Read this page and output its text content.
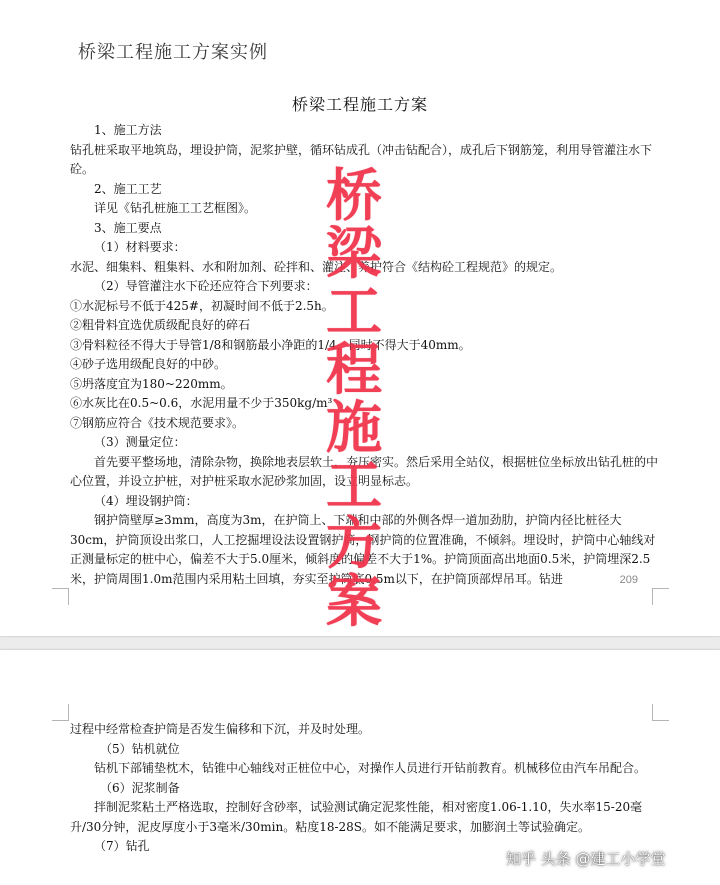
桥梁工程施工方案实例
桥梁工程施工方案

1、施工方法

钻孔桩采取平地筑岛，埋设护筒，泥浆护壁，循环钻成孔（冲击钻配合），成孔后下钢筋笼，利用导管灌注水下砼。

2、施工工艺

详见《钻孔桩施工工艺框图》。

3、施工要点

（1）材料要求：

水泥、细集料、粗集料、水和附加剂、砼拌和、灌注、养护符合《结构砼工程规范》的规定。

（2）导管灌注水下砼还应符合下列要求：

①水泥标号不低于425#，初凝时间不低于2.5h。

②粗骨料宜选优质级配良好的碎石

③骨料粒径不得大于导管1/8和钢筋最小净距的1/4，同时不得大于40mm。

④砂子选用级配良好的中砂。

⑤坍落度宜为180~220mm。

⑥水灰比在0.5~0.6，水泥用量不少于350kg/m³

⑦钢筋应符合《技术规范要求》。

（3）测量定位：

首先要平整场地，清除杂物，换除地表层软土，夯压密实。然后采用全站仪，根据桩位坐标放出钻孔桩的中心位置，并设立护桩，对护桩采取水泥砂浆加固，设立明显标志。

（4）埋设钢护筒：

钢护筒壁厚≥3mm，高度为3m，在护筒上、下端和中部的外侧各焊一道加劲肋，护筒内径比桩径大30cm，护筒顶设出浆口，人工挖掘埋设法设置钢护筒，钢护筒的位置准确，不倾斜。埋设时，护筒中心轴线对正测量标定的桩中心，偏差不大于5.0厘米，倾斜度的偏差不大于1%。护筒顶面高出地面0.5米，护筒埋深2.5米，护筒周围1.0m范围内采用粘土回填，夯实至护筒底0.5m以下，在护筒顶部焊吊耳。钻进	209

过程中经常检查护筒是否发生偏移和下沉，并及时处理。

（5）钻机就位

钻机下部铺垫枕木，钻锥中心轴线对正桩位中心，对操作人员进行开钻前教育。机械移位由汽车吊配合。

（6）泥浆制备

拌制泥浆粘土严格选取，控制好含砂率，试验测试确定泥浆性能，相对密度1.06-1.10，失水率15-20毫升/30分钟，泥皮厚度小于3毫米/30min。粘度18-28S。如不能满足要求，加膨润土等试验确定。

（7）钻孔

桥梁工程施工方案
知乎 头条 @建工小学堂
